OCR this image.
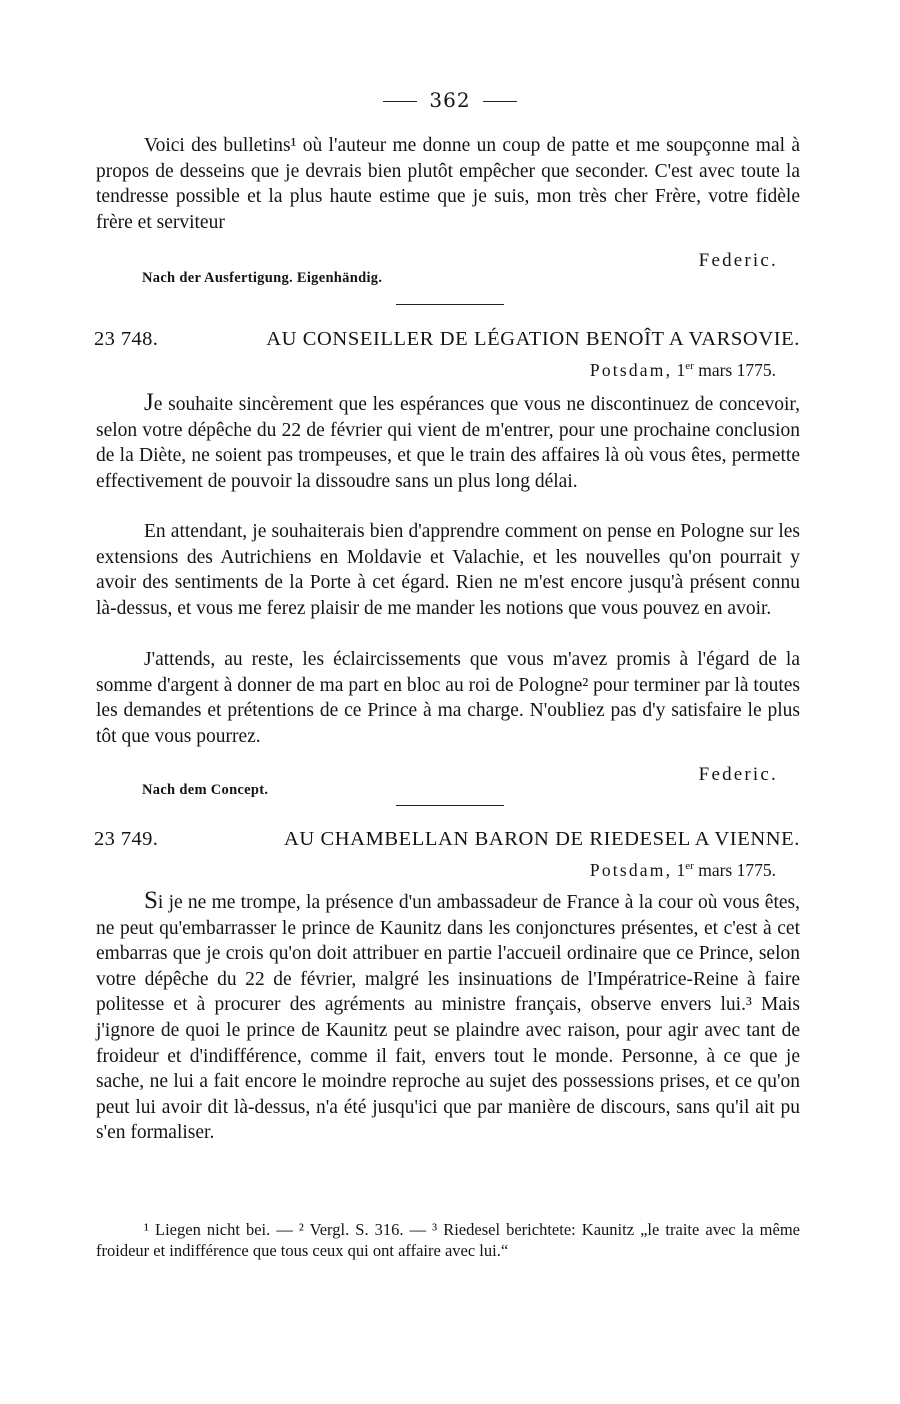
362

Voici des bulletins¹ où l'auteur me donne un coup de patte et me soupçonne mal à propos de desseins que je devrais bien plutôt empêcher que seconder. C'est avec toute la tendresse possible et la plus haute estime que je suis, mon très cher Frère, votre fidèle frère et serviteur

Federic.
Nach der Ausfertigung. Eigenhändig.
23 748.	AU CONSEILLER DE LÉGATION BENOÎT A VARSOVIE.
Potsdam, 1er mars 1775.

Je souhaite sincèrement que les espérances que vous ne discontinuez de concevoir, selon votre dépêche du 22 de février qui vient de m'entrer, pour une prochaine conclusion de la Diète, ne soient pas trompeuses, et que le train des affaires là où vous êtes, permette effectivement de pouvoir la dissoudre sans un plus long délai.

En attendant, je souhaiterais bien d'apprendre comment on pense en Pologne sur les extensions des Autrichiens en Moldavie et Valachie, et les nouvelles qu'on pourrait y avoir des sentiments de la Porte à cet égard. Rien ne m'est encore jusqu'à présent connu là-dessus, et vous me ferez plaisir de me mander les notions que vous pouvez en avoir.

J'attends, au reste, les éclaircissements que vous m'avez promis à l'égard de la somme d'argent à donner de ma part en bloc au roi de Pologne² pour terminer par là toutes les demandes et prétentions de ce Prince à ma charge. N'oubliez pas d'y satisfaire le plus tôt que vous pourrez.

Federic.
Nach dem Concept.
23 749.	AU CHAMBELLAN BARON DE RIEDESEL A VIENNE.
Potsdam, 1er mars 1775.

Si je ne me trompe, la présence d'un ambassadeur de France à la cour où vous êtes, ne peut qu'embarrasser le prince de Kaunitz dans les conjonctures présentes, et c'est à cet embarras que je crois qu'on doit attribuer en partie l'accueil ordinaire que ce Prince, selon votre dépêche du 22 de février, malgré les insinuations de l'Impératrice-Reine à faire politesse et à procurer des agréments au ministre français, observe envers lui.³ Mais j'ignore de quoi le prince de Kaunitz peut se plaindre avec raison, pour agir avec tant de froideur et d'indifférence, comme il fait, envers tout le monde. Personne, à ce que je sache, ne lui a fait encore le moindre reproche au sujet des possessions prises, et ce qu'on peut lui avoir dit là-dessus, n'a été jusqu'ici que par manière de discours, sans qu'il ait pu s'en formaliser.

¹ Liegen nicht bei. — ² Vergl. S. 316. — ³ Riedesel berichtete: Kaunitz „le traite avec la même froideur et indifférence que tous ceux qui ont affaire avec lui.“
